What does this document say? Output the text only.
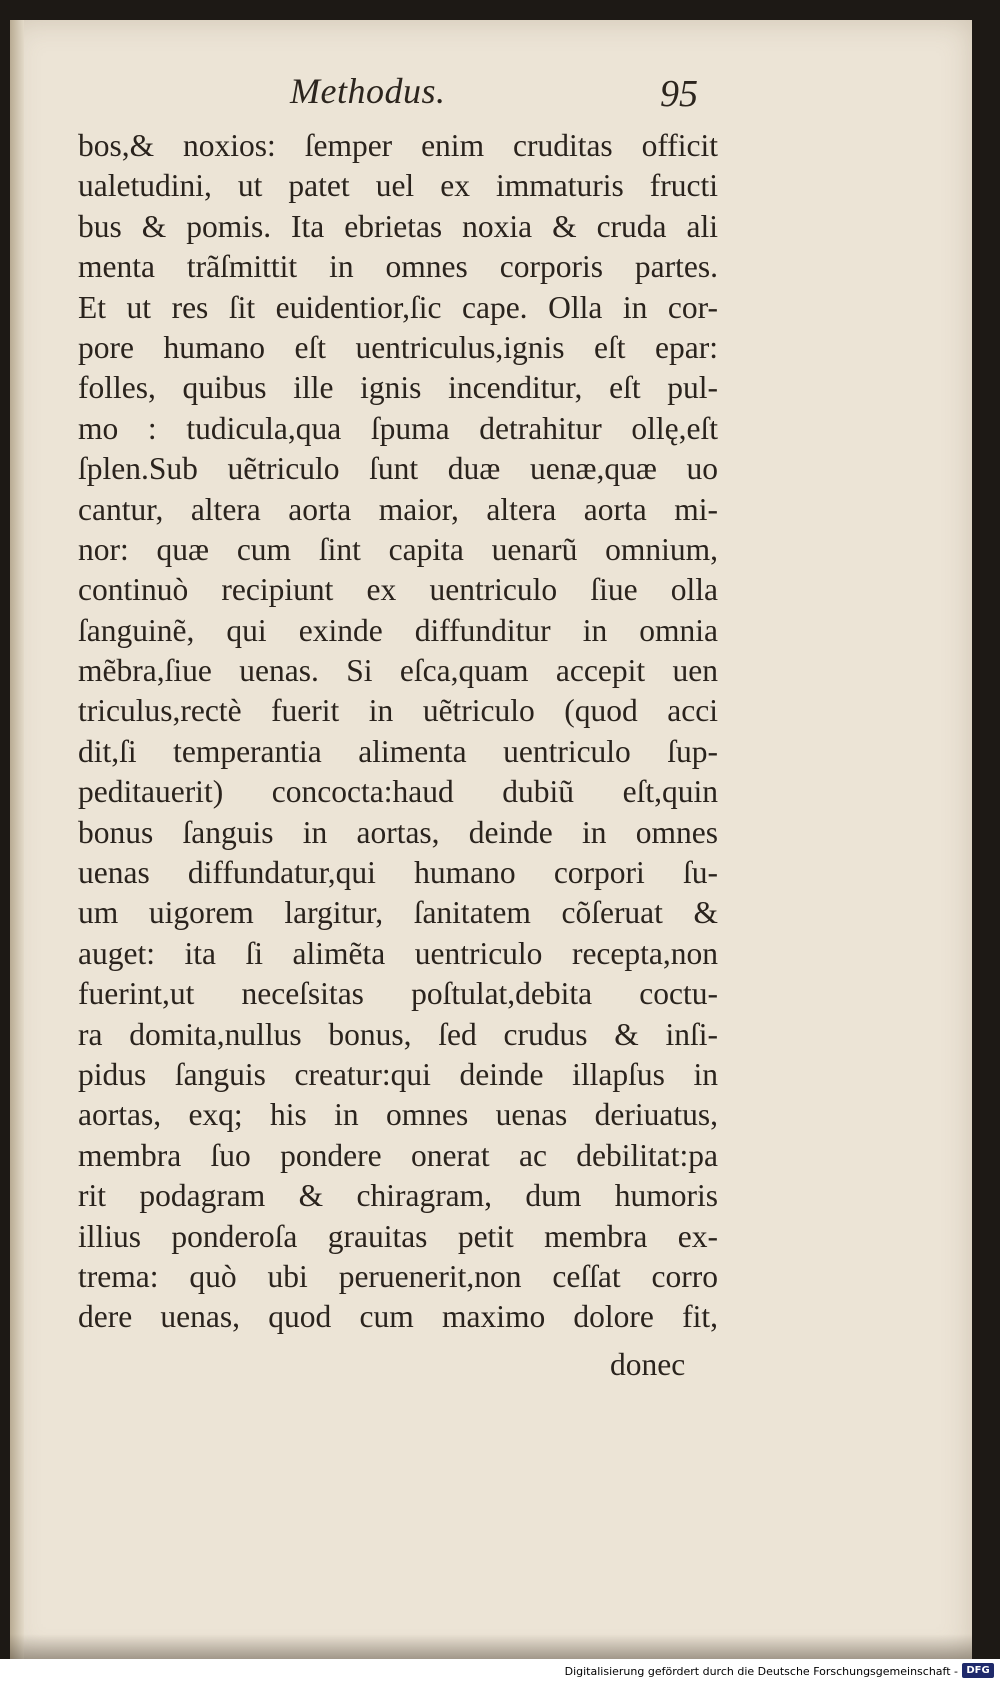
Methodus.	95
bos,& noxios: ſemper enim cruditas officit
ualetudini, ut patet uel ex immaturis fructi
bus & pomis. Ita ebrietas noxia & cruda ali
menta trãſmittit in omnes corporis partes.
Et ut res ſit euidentior,ſic cape. Olla in cor-
pore humano eſt uentriculus,ignis eſt epar:
folles, quibus ille ignis incenditur, eſt pul-
mo : tudicula,qua ſpuma detrahitur ollę,eſt
ſplen.Sub uẽtriculo ſunt duæ uenæ,quæ uo
cantur, altera aorta maior, altera aorta mi-
nor: quæ cum ſint capita uenarũ omnium,
continuò recipiunt ex uentriculo ſiue olla
ſanguinẽ, qui exinde diffunditur in omnia
mẽbra,ſiue uenas. Si eſca,quam accepit uen
triculus,rectè fuerit in uẽtriculo (quod acci
dit,ſi temperantia alimenta uentriculo ſup-
peditauerit) concocta:haud dubiũ eſt,quin
bonus ſanguis in aortas, deinde in omnes
uenas diffundatur,qui humano corpori ſu-
um uigorem largitur, ſanitatem cõſeruat &
auget: ita ſi alimẽta uentriculo recepta,non
fuerint,ut neceſsitas poſtulat,debita coctu-
ra domita,nullus bonus, ſed crudus & inſi-
pidus ſanguis creatur:qui deinde illapſus in
aortas, exq; his in omnes uenas deriuatus,
membra ſuo pondere onerat ac debilitat:pa
rit podagram & chiragram, dum humoris
illius ponderoſa grauitas petit membra ex-
trema: quò ubi peruenerit,non ceſſat corro
dere uenas, quod cum maximo dolore fit,
donec
Digitalisierung gefördert durch die Deutsche Forschungsgemeinschaft - DFG
